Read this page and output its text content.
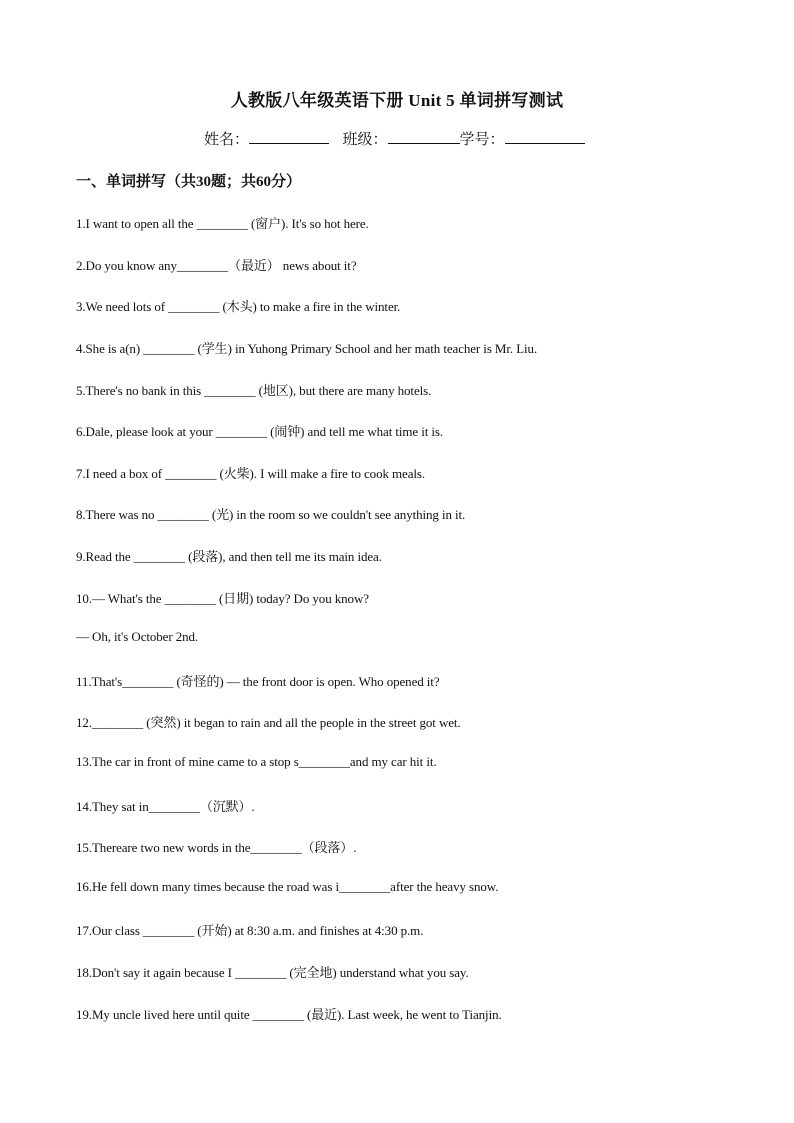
人教版八年级英语下册 Unit 5 单词拼写测试
姓名：	班级：	学号：
一、单词拼写（共30题；共60分）
1.I want to open all the ________ (窗户). It's so hot here.
2.Do you know any________（最近） news about it?
3.We need lots of ________ (木头) to make a fire in the winter.
4.She is a(n) ________ (学生) in Yuhong Primary School and her math teacher is Mr. Liu.
5.There's no bank in this ________ (地区), but there are many hotels.
6.Dale, please look at your ________ (闹钟) and tell me what time it is.
7.I need a box of ________ (火柴). I will make a fire to cook meals.
8.There was no ________ (光) in the room so we couldn't see anything in it.
9.Read the ________ (段落), and then tell me its main idea.
10.— What's the ________ (日期) today? Do you know?
— Oh, it's October 2nd.
11.That's________ (奇怪的) — the front door is open. Who opened it?
12.________ (突然) it began to rain and all the people in the street got wet.
13.The car in front of mine came to a stop s________and my car hit it.
14.They sat in________（沉默）.
15.Thereare two new words in the________（段落）.
16.He fell down many times because the road was i________after the heavy snow.
17.Our class ________ (开始) at 8:30 a.m. and finishes at 4:30 p.m.
18.Don't say it again because I ________ (完全地) understand what you say.
19.My uncle lived here until quite ________ (最近). Last week, he went to Tianjin.
